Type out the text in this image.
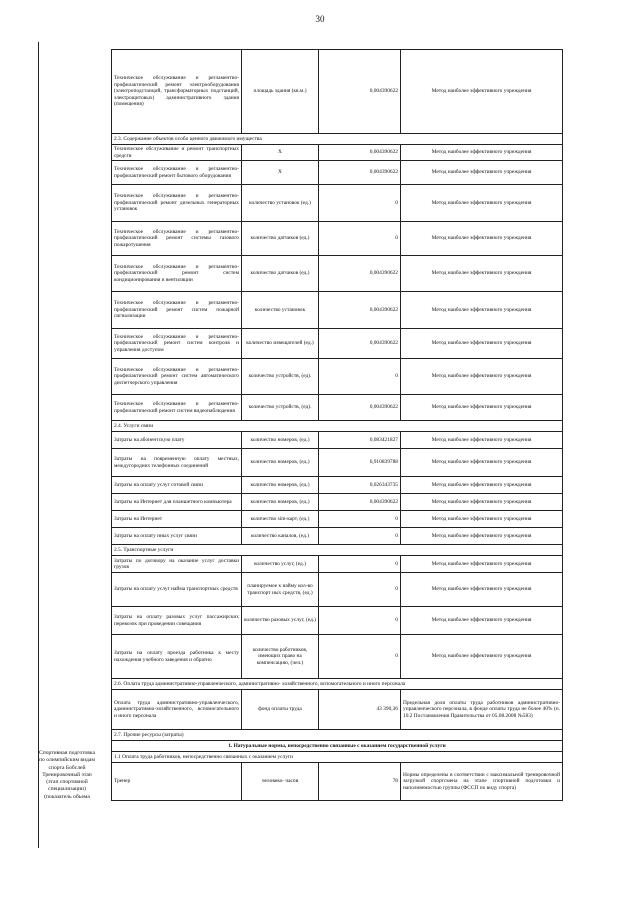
30
Спортивная подготовка по олимпийским видам спорта Бобслей Тренировочный этап (этап спортивной специализации) (показатель объема
Техническое обслуживание и регламентно- профилактический ремонт электрооборудования (электроподстанций, трансформаторных подстанций, электрощитовых) административного здания (помещения)	площадь здания (кв.м.)	0,004390622	Метод наиболее эффективного учреждения
2.3. Содержание объектов особо ценного движимого имущества			
Техническое обслуживание и ремонт транспортных средств	Х	0,004390622	Метод наиболее эффективного учреждения
Техническое обслуживание и регламентно- профилактический ремонт бытового оборудования	Х	0,004390622	Метод наиболее эффективного учреждения
Техническое обслуживание и регламентно- профилактический ремонт дизельных генераторных установок	количество установок (ед.)	0	Метод наиболее эффективного учреждения
Техническое обслуживание и регламентно- профилактический ремонт системы газового пожаротушения	количество датчиков (ед.)	0	Метод наиболее эффективного учреждения
Техническое обслуживание и регламентно- профилактический ремонт систем кондиционирования и вентиляции	количество датчиков (ед.)	0,004390622	Метод наиболее эффективного учреждения
Техническое обслуживание и регламентно- профилактический ремонт систем пожарной сигнализации	количество установок	0,004390622	Метод наиболее эффективного учреждения
Техническое обслуживание и регламентно- профилактический ремонт систем контроля и управления доступом	количество извещателей (ед.)	0,004390622	Метод наиболее эффективного учреждения
Техническое обслуживание и регламентно- профилактический ремонт систем автоматического диспетчерского управления	количество устройств, (ед).	0	Метод наиболее эффективного учреждения
Техническое обслуживание и регламентно- профилактический ремонт систем видеонаблюдения	количество устройств, (ед).	0,004390622	Метод наиболее эффективного учреждения
2.4. Услуги связи			
Затраты на абонентскую плату	количество номеров, (ед.)	0,083421827	Метод наиболее эффективного учреждения
Затраты на повременную оплату местных, междугородних телефонных соединений	количество номеров, (ед.)	6,910839788	Метод наиболее эффективного учреждения
Затраты на оплату услуг сотовой связи	количество номеров, (ед.)	0,026343735	Метод наиболее эффективного учреждения
Затраты на Интернет для планшетного компьютера	количество номеров, (ед.)	0,004390622	Метод наиболее эффективного учреждения
Затраты на Интернет	количество sim-карт, (ед.)	0	Метод наиболее эффективного учреждения
Затраты на оплату иных услуг связи	количество каналов, (ед.)	0	Метод наиболее эффективного учреждения
2.5. Транспортные услуги			
Затраты по договору на оказание услуг доставки грузов	количество услуг, (ед.)	0	Метод наиболее эффективного учреждения
Затраты на оплату услуг найма транспортных средств	планируемое к найму кол-во транспорт ных средств, (ед.)	0	Метод наиболее эффективного учреждения
Затраты на оплату разовых услуг пассажирских перевозок при проведении совещания	количество разовых услуг, (ед.)	0	Метод наиболее эффективного учреждения
Затраты на оплату проезда работника к месту нахождения учебного заведения и обратно	количество работников, имеющих право на компенсацию, (чел.)	0	Метод наиболее эффективного учреждения
2.6. Оплата труда административно-управленческого, административно- хозяйственного, вспомогательного и иного персонала			
Оплата труда административно-управленческого, административно-хозяйственного, вспомогательного и иного персонала	фонд оплаты труда	43 390,36	Предельная доля оплаты труда работников административно- управленческого персонала, в фонде оплаты труда не более 40% (п. 10.2 Постановления Правительства от 05.08.2008 №583)
2.7. Прочие ресурсы (затраты)			
1. Натуральные нормы, непосредственно связанные с оказанием государственной услуги			
1.1 Оплата труда работников, непосредственно связанных с оказанием услуги			
Тренер	человеко- часов	78	Нормы определены в соответствии с максимальной тренировочной загрузкой спортсмена на этапе спортивной подготовки и наполняемостью группы (ФССП по виду спорта)
